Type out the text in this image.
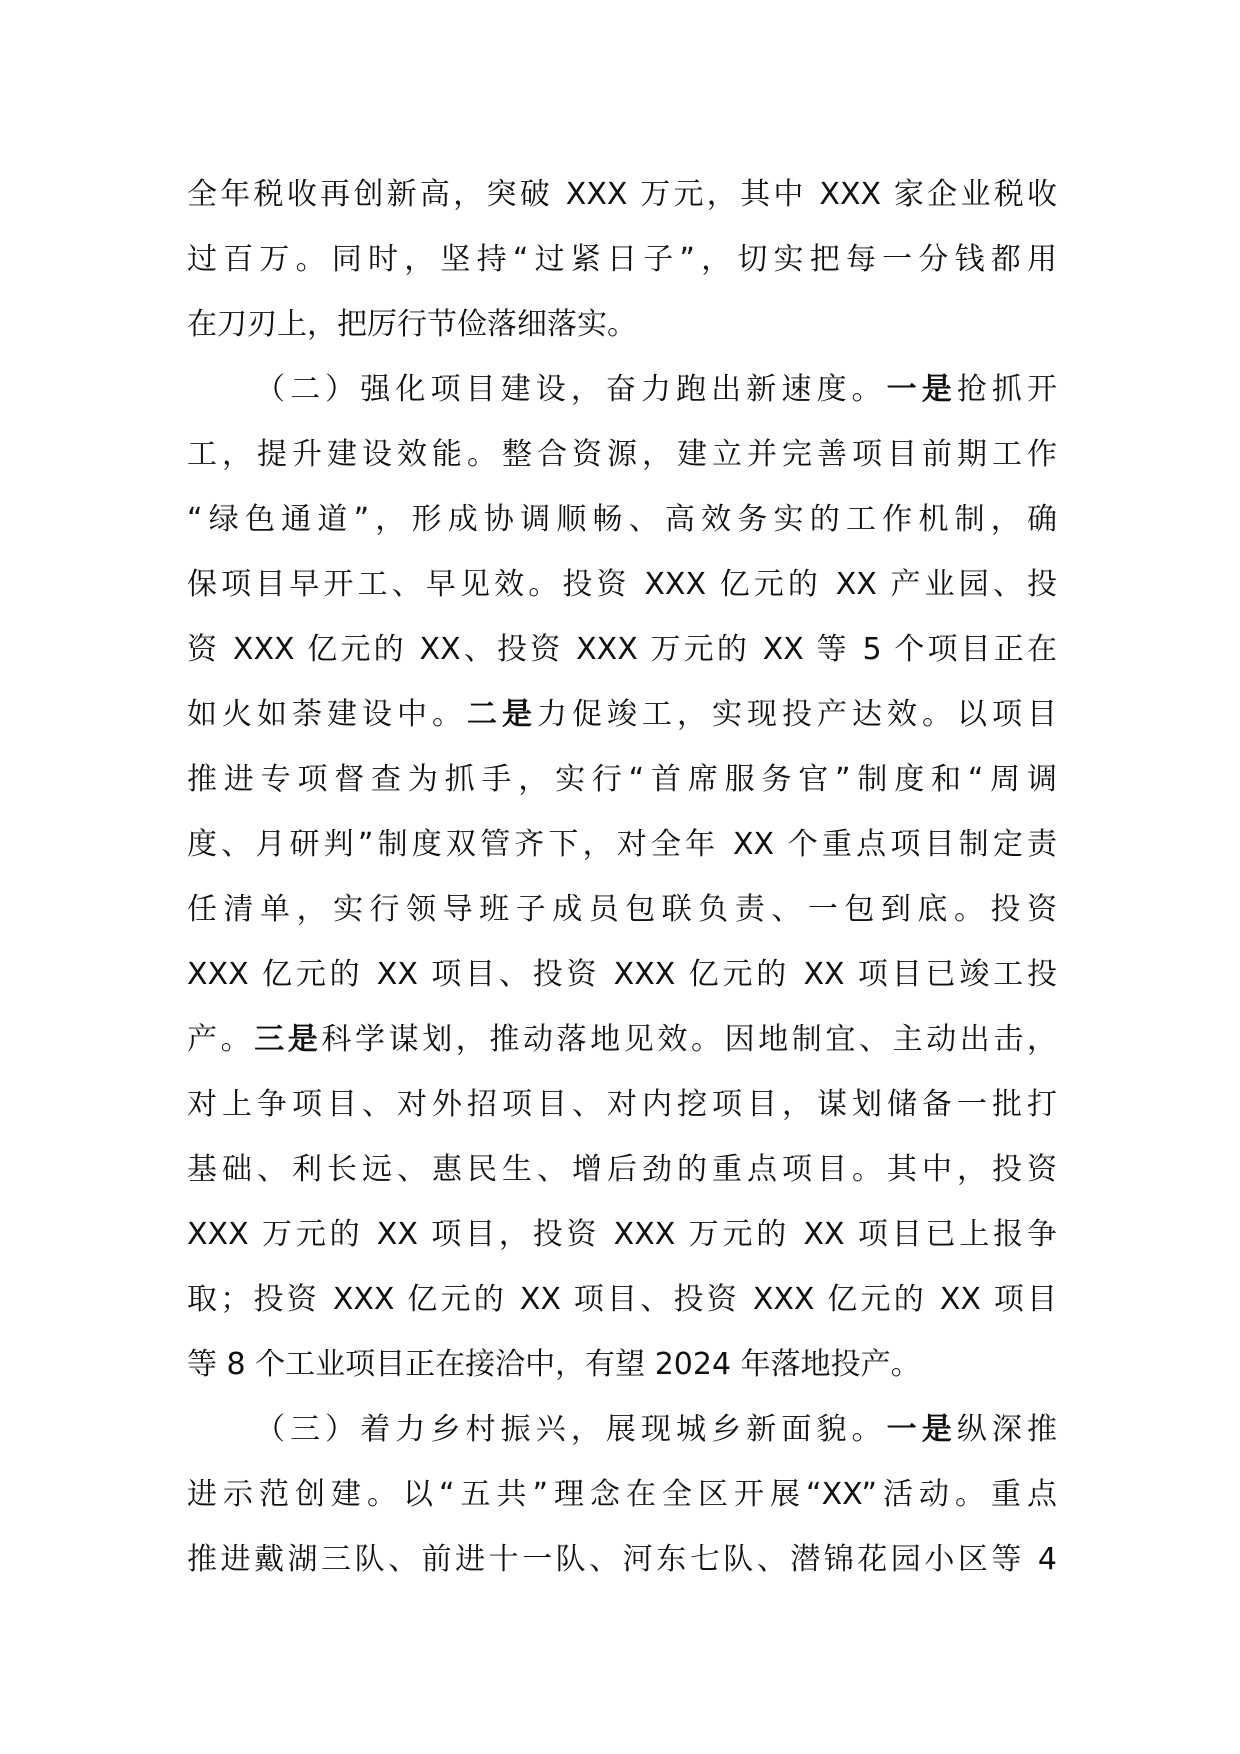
全年税收再创新高，突破 XXX 万元，其中 XXX 家企业税收
过百万。同时，坚持“过紧日子”，切实把每一分钱都用
在刀刃上，把厉行节俭落细落实。
（二）强化项目建设，奋力跑出新速度。一是抢抓开
工，提升建设效能。整合资源，建立并完善项目前期工作
“绿色通道”，形成协调顺畅、高效务实的工作机制，确
保项目早开工、早见效。投资 XXX 亿元的 XX 产业园、投
资 XXX 亿元的 XX、投资 XXX 万元的 XX 等 5 个项目正在
如火如荼建设中。二是力促竣工，实现投产达效。以项目
推进专项督查为抓手，实行“首席服务官”制度和“周调
度、月研判”制度双管齐下，对全年 XX 个重点项目制定责
任清单，实行领导班子成员包联负责、一包到底。投资
XXX 亿元的 XX 项目、投资 XXX 亿元的 XX 项目已竣工投
产。三是科学谋划，推动落地见效。因地制宜、主动出击，
对上争项目、对外招项目、对内挖项目，谋划储备一批打
基础、利长远、惠民生、增后劲的重点项目。其中，投资
XXX 万元的 XX 项目，投资 XXX 万元的 XX 项目已上报争
取；投资 XXX 亿元的 XX 项目、投资 XXX 亿元的 XX 项目
等 8 个工业项目正在接洽中，有望 2024 年落地投产。
（三）着力乡村振兴，展现城乡新面貌。一是纵深推
进示范创建。以“五共”理念在全区开展“XX”活动。重点
推进戴湖三队、前进十一队、河东七队、潜锦花园小区等 4
